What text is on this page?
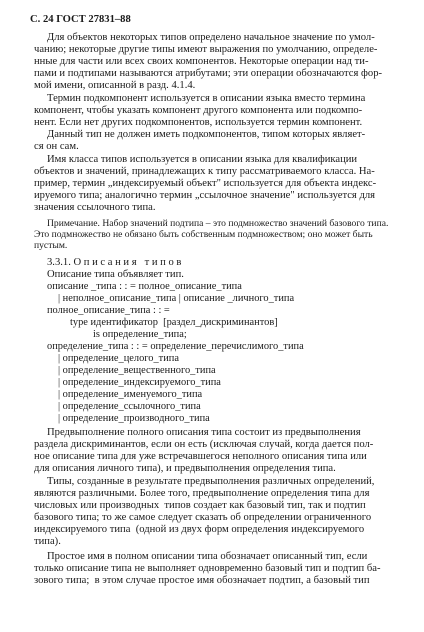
С. 24 ГОСТ 27831–88
Для объектов некоторых типов определено начальное значение по умол-
чанию; некоторые другие типы имеют выражения по умолчанию, определе-
нные для части или всех своих компонентов. Некоторые операции над ти-
пами и подтипами называются атрибутами; эти операции обозначаются фор-
мой имени, описанной в разд. 4.1.4.
Термин подкомпонент используется в описании языка вместо термина
компонент, чтобы указать компонент другого компонента или подкомпо-
нент. Если нет других подкомпонентов, используется термин компонент.
Данный тип не должен иметь подкомпонентов, типом которых являет-
ся он сам.
Имя класса типов используется в описании языка для квалификации
объектов и значений, принадлежащих к типу рассматриваемого класса. На-
пример, термин „индексируемый объект" используется для объекта индекс-
ируемого типа; аналогично термин „ссылочное значение" используется для
значения ссылочного типа.
Примечание. Набор значений подтипа – это подмножество значений базового типа.
Это подмножество не обязано быть собственным подмножеством; оно может быть
пустым.
3.3.1. О п и с а н и я   т и п о в
Описание типа объявляет тип.
описание _типа : : = полное_описание_типа
| неполное_описание_типа | описание _личного_типа
полное_описание_типа : : =
type идентификатор  [раздел_дискриминантов]
is определение_типа;
определение_типа : : = определение_перечислимого_типа
| определение_целого_типа
| определение_вещественного_типа
| определение_индексируемого_типа
| определение_именуемого_типа
| определение_ссылочного_типа
| определение_производного_типа
Предвыполнение полного описания типа состоит из предвыполнения
раздела дискриминантов, если он есть (исключая случай, когда дается пол-
ное описание типа для уже встречавшегося неполного описания типа или
для описания личного типа), и предвыполнения определения типа.
Типы, созданные в результате предвыполнения различных определений,
являются различными. Более того, предвыполнение определения типа для
числовых или производных  типов создает как базовый тип, так и подтип
базового типа; то же самое следует сказать об определении ограниченного
индексируемого типа  (одной из двух форм определения индексируемого
типа).
Простое имя в полном описании типа обозначает описанный тип, если
только описание типа не выполняет одновременно базовый тип и подтип ба-
зового типа;  в этом случае простое имя обозначает подтип, а базовый тип
